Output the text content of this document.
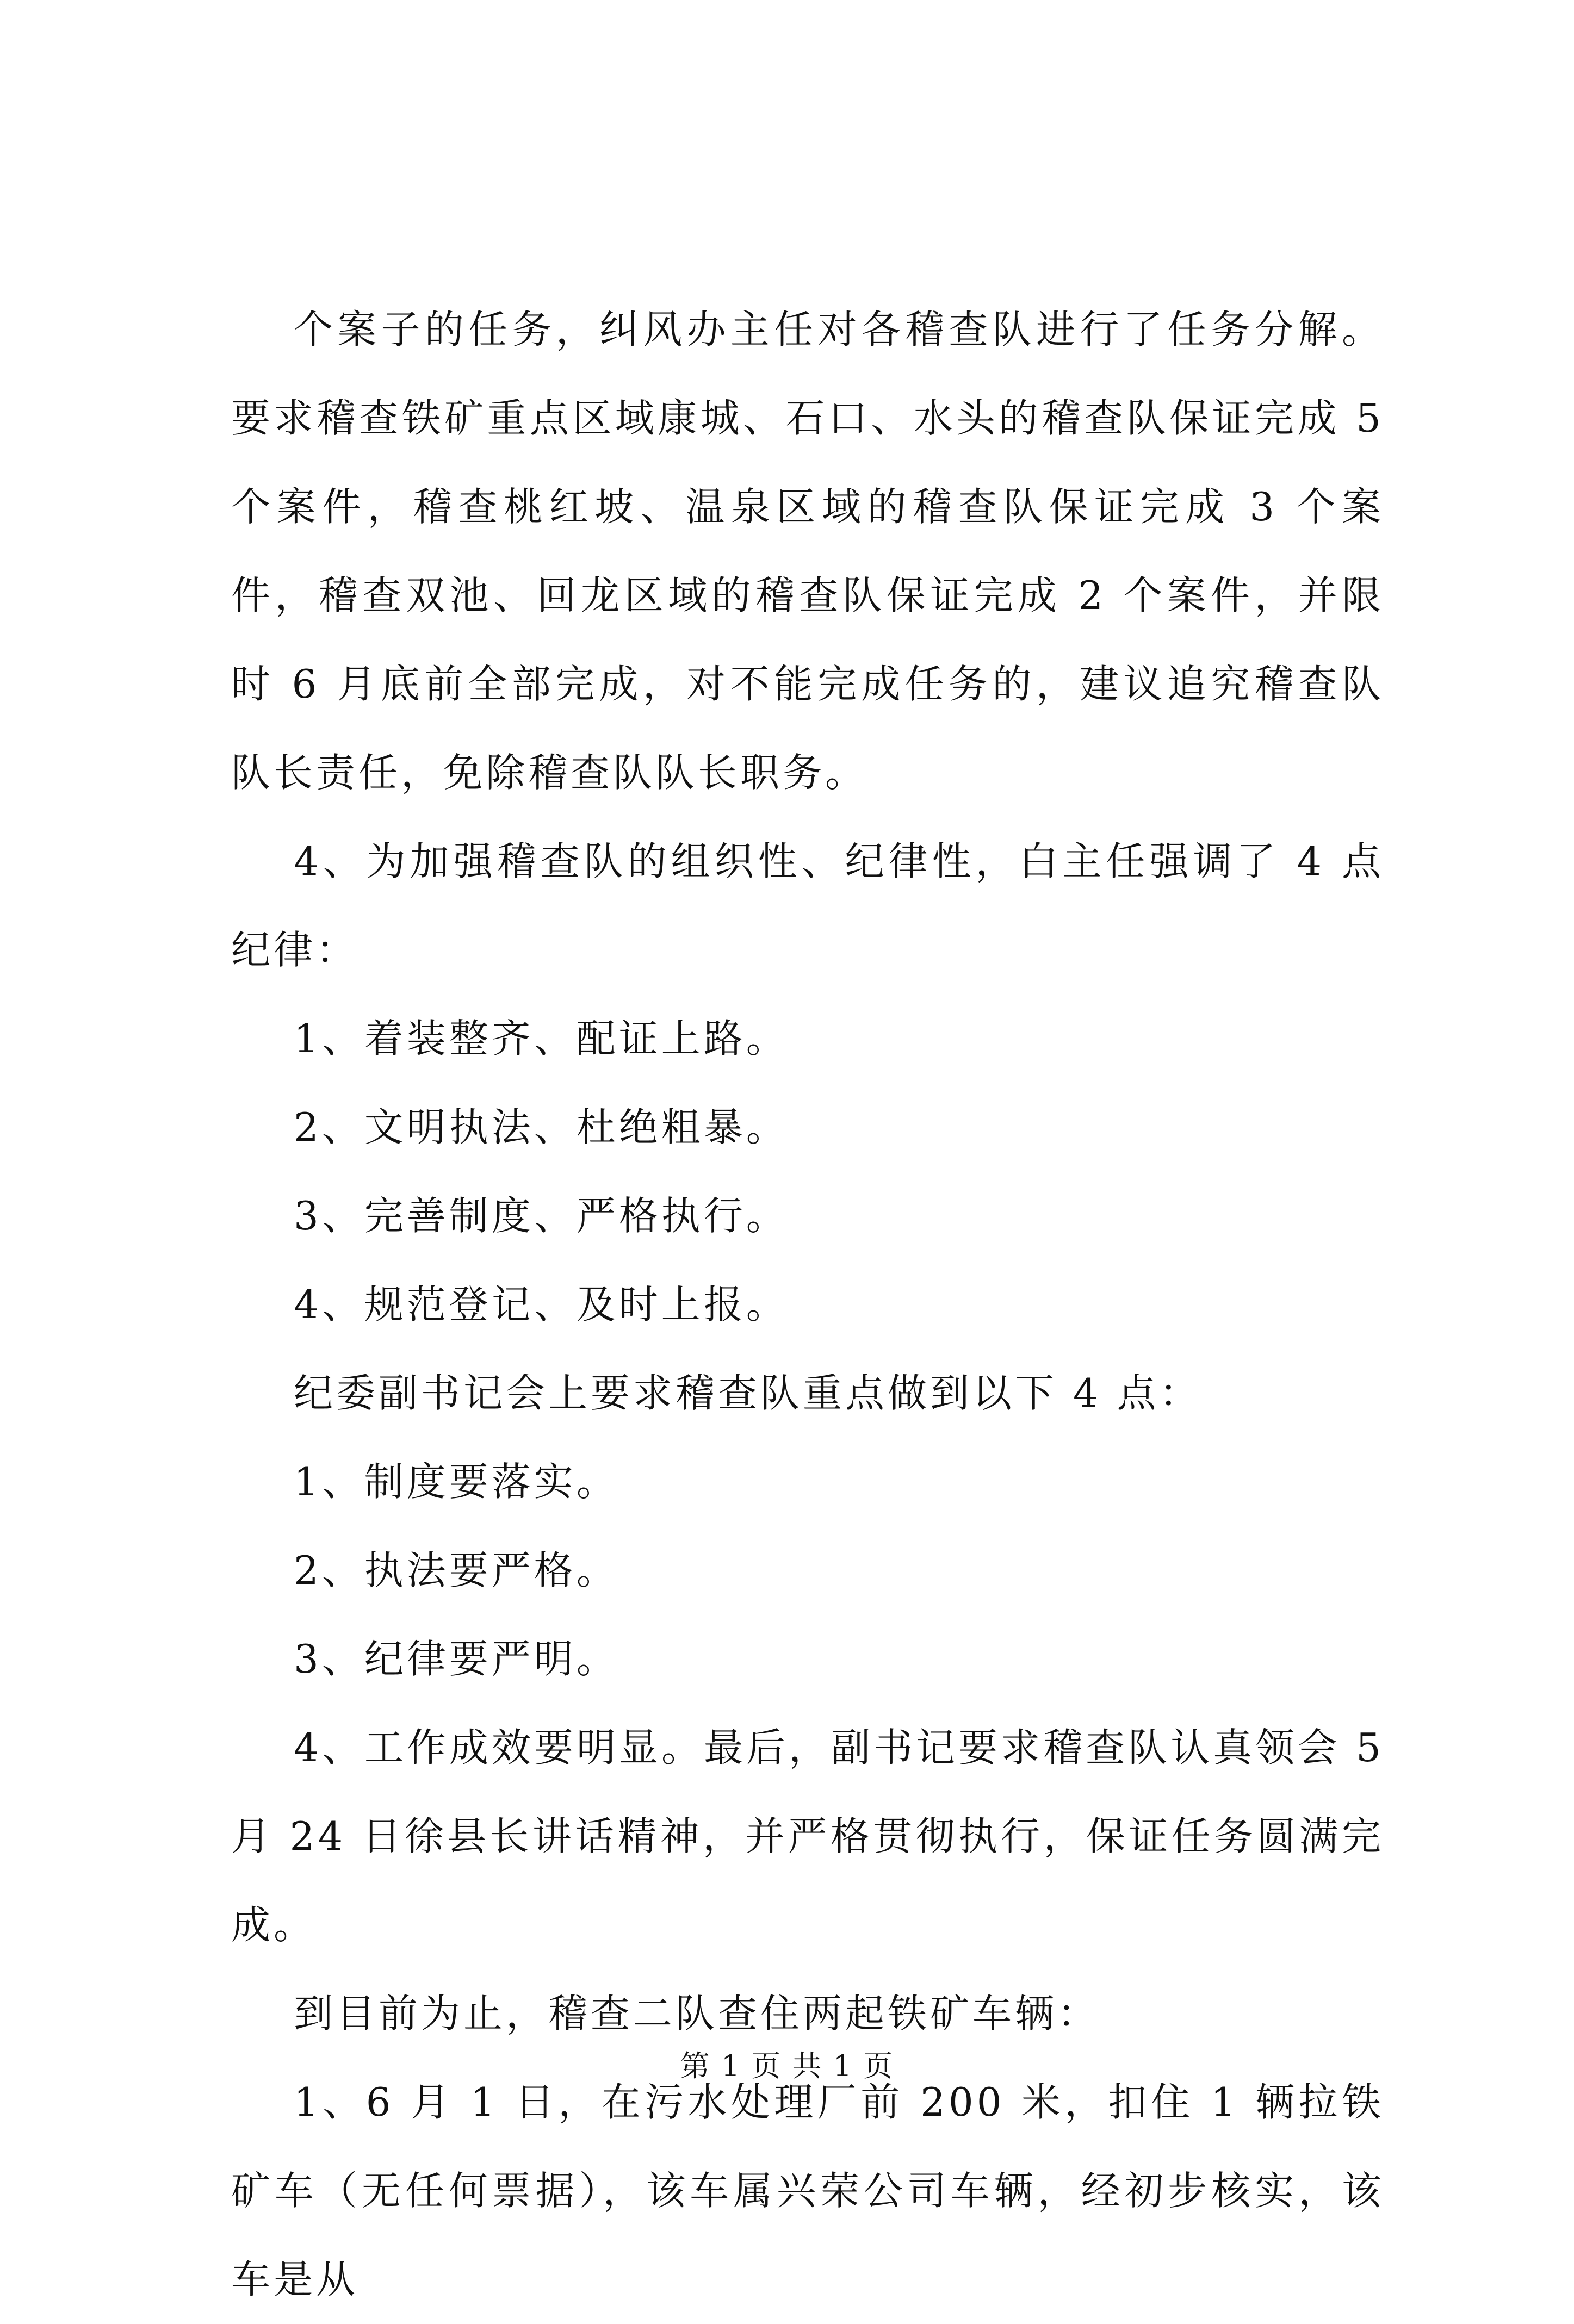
个案子的任务，纠风办主任对各稽查队进行了任务分解。要求稽查铁矿重点区域康城、石口、水头的稽查队保证完成 5 个案件，稽查桃红坡、温泉区域的稽查队保证完成 3 个案件，稽查双池、回龙区域的稽查队保证完成 2 个案件，并限时 6 月底前全部完成，对不能完成任务的，建议追究稽查队队长责任，免除稽查队队长职务。

4、为加强稽查队的组织性、纪律性，白主任强调了 4 点纪律：

1、着装整齐、配证上路。

2、文明执法、杜绝粗暴。

3、完善制度、严格执行。

4、规范登记、及时上报。

纪委副书记会上要求稽查队重点做到以下 4 点：

1、制度要落实。

2、执法要严格。

3、纪律要严明。

4、工作成效要明显。最后，副书记要求稽查队认真领会 5 月 24 日徐县长讲话精神，并严格贯彻执行，保证任务圆满完成。

到目前为止，稽查二队查住两起铁矿车辆：

1、6 月 1 日，在污水处理厂前 200 米，扣住 1 辆拉铁矿车（无任何票据），该车属兴荣公司车辆，经初步核实，该车是从

第 1 页 共 1 页
